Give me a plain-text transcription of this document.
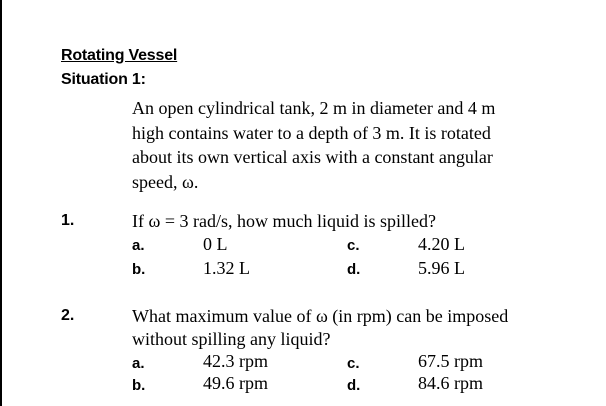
Rotating Vessel
Situation 1:
An open cylindrical tank, 2 m in diameter and 4 m
high contains water to a depth of 3 m. It is rotated
about its own vertical axis with a constant angular
speed, ω.
1.	If ω = 3 rad/s, how much liquid is spilled?
a.	0 L
b.	1.32 L
c.	4.20 L
d.	5.96 L
2.	What maximum value of ω (in rpm) can be imposed
without spilling any liquid?
a.	42.3 rpm
b.	49.6 rpm
c.	67.5 rpm
d.	84.6 rpm
